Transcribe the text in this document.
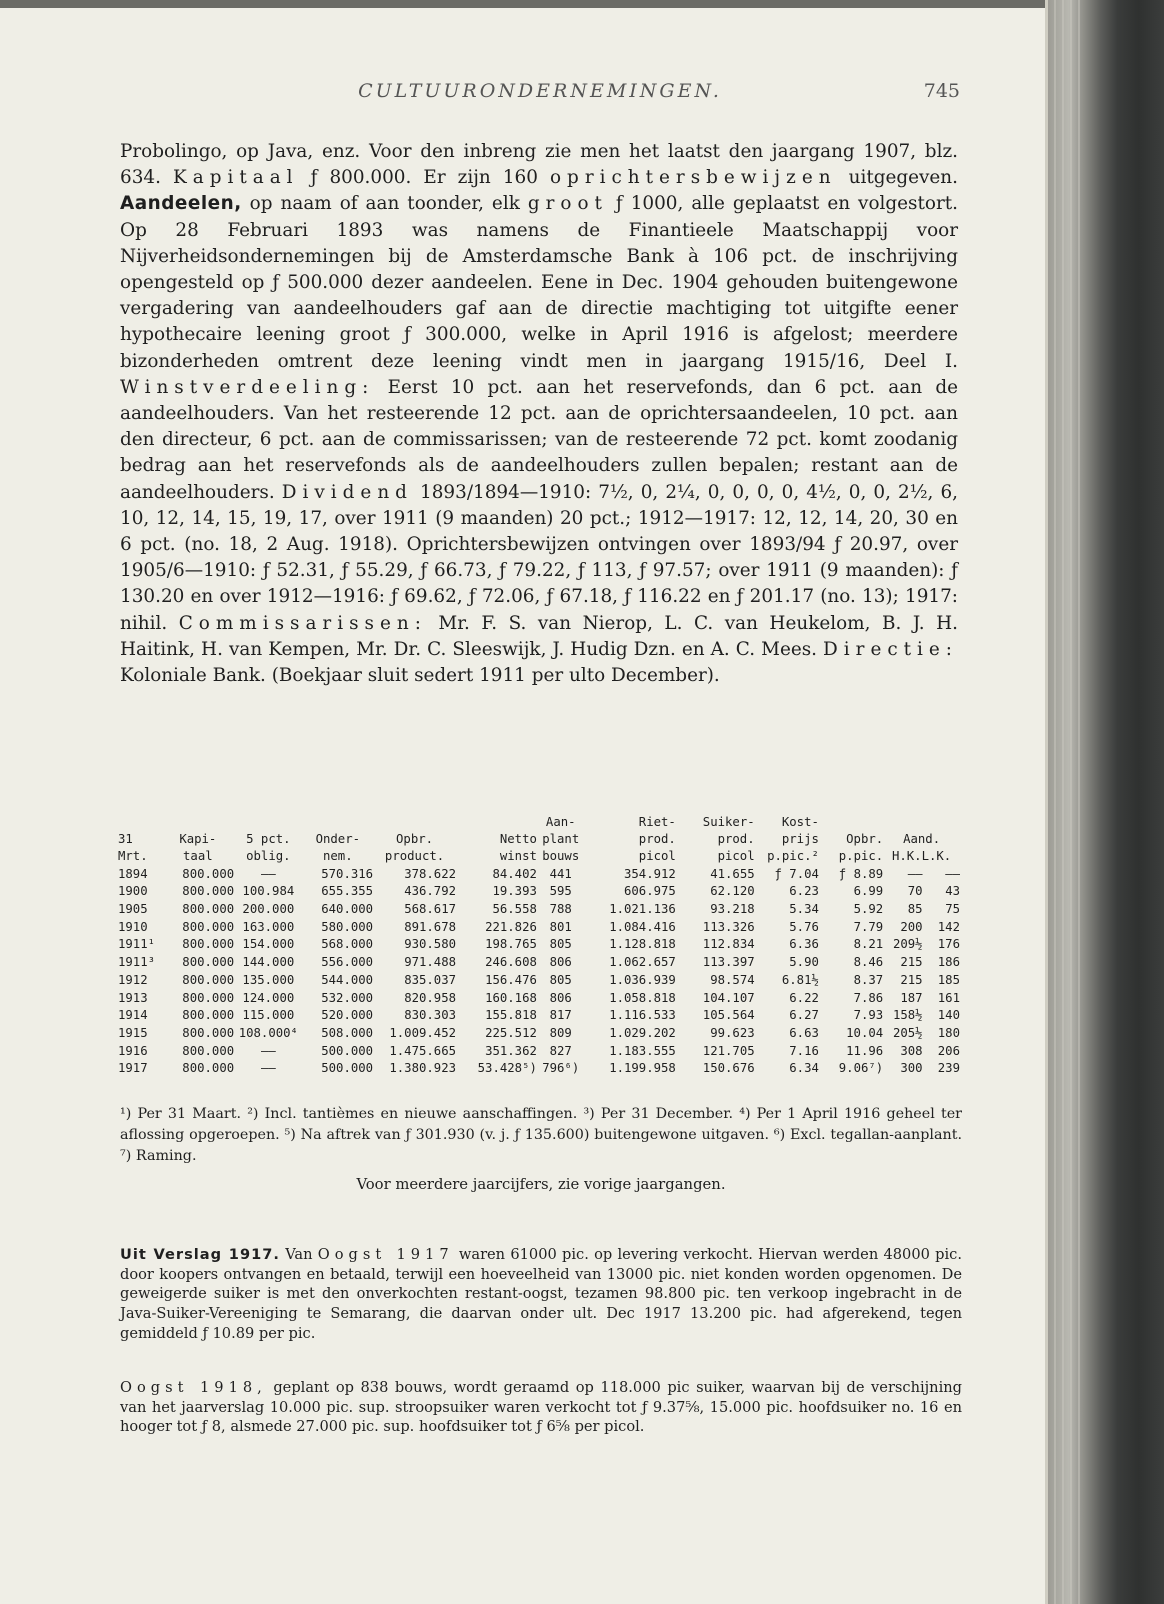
CULTUURONDERNEMINGEN.	745
Probolingo, op Java, enz. Voor den inbreng zie men het laatst den jaargang 1907, blz. 634. Kapitaal ƒ 800.000. Er zijn 160 oprichtersbewijzen uitgegeven. Aandeelen, op naam of aan toonder, elk groot ƒ 1000, alle geplaatst en volgestort. Op 28 Februari 1893 was namens de Finantieele Maatschappij voor Nijverheidsondernemingen bij de Amsterdamsche Bank à 106 pct. de inschrijving opengesteld op ƒ 500.000 dezer aandeelen. Eene in Dec. 1904 gehouden buitengewone vergadering van aandeelhouders gaf aan de directie machtiging tot uitgifte eener hypothecaire leening groot ƒ 300.000, welke in April 1916 is afgelost; meerdere bizonderheden omtrent deze leening vindt men in jaargang 1915/16, Deel I. Winstverdeeling: Eerst 10 pct. aan het reservefonds, dan 6 pct. aan de aandeelhouders. Van het resteerende 12 pct. aan de oprichtersaandeelen, 10 pct. aan den directeur, 6 pct. aan de commissarissen; van de resteerende 72 pct. komt zoodanig bedrag aan het reservefonds als de aandeelhouders zullen bepalen; restant aan de aandeelhouders. Dividend 1893/1894—1910: 7½, 0, 2¼, 0, 0, 0, 0, 4½, 0, 0, 2½, 6, 10, 12, 14, 15, 19, 17, over 1911 (9 maanden) 20 pct.; 1912—1917: 12, 12, 14, 20, 30 en 6 pct. (no. 18, 2 Aug. 1918). Oprichtersbewijzen ontvingen over 1893/94 ƒ 20.97, over 1905/6—1910: ƒ 52.31, ƒ 55.29, ƒ 66.73, ƒ 79.22, ƒ 113, ƒ 97.57; over 1911 (9 maanden): ƒ 130.20 en over 1912—1916: ƒ 69.62, ƒ 72.06, ƒ 67.18, ƒ 116.22 en ƒ 201.17 (no. 13); 1917: nihil. Commissarissen: Mr. F. S. van Nierop, L. C. van Heukelom, B. J. H. Haitink, H. van Kempen, Mr. Dr. C. Sleeswijk, J. Hudig Dzn. en A. C. Mees. Directie: Koloniale Bank. (Boekjaar sluit sedert 1911 per ulto December).
						Aan-	Riet-	Suiker-	Kost-			
31	Kapi-	5 pct.	Onder-	Opbr.	Netto	plant	prod.	prod.	prijs	Opbr.	Aand.	
Mrt.	taal	oblig.	nem.	product.	winst	bouws	picol	picol	p.pic.²	p.pic.	H.K.L.K.	
1894	800.000	——	570.316	378.622	84.402	441	354.912	41.655	ƒ 7.04	ƒ 8.89	——	——
1900	800.000	100.984	655.355	436.792	19.393	595	606.975	62.120	6.23	6.99	70	43
1905	800.000	200.000	640.000	568.617	56.558	788	1.021.136	93.218	5.34	5.92	85	75
1910	800.000	163.000	580.000	891.678	221.826	801	1.084.416	113.326	5.76	7.79	200	142
1911¹	800.000	154.000	568.000	930.580	198.765	805	1.128.818	112.834	6.36	8.21	209½	176
1911³	800.000	144.000	556.000	971.488	246.608	806	1.062.657	113.397	5.90	8.46	215	186
1912	800.000	135.000	544.000	835.037	156.476	805	1.036.939	98.574	6.81½	8.37	215	185
1913	800.000	124.000	532.000	820.958	160.168	806	1.058.818	104.107	6.22	7.86	187	161
1914	800.000	115.000	520.000	830.303	155.818	817	1.116.533	105.564	6.27	7.93	158½	140
1915	800.000	108.000⁴	508.000	1.009.452	225.512	809	1.029.202	99.623	6.63	10.04	205½	180
1916	800.000	——	500.000	1.475.665	351.362	827	1.183.555	121.705	7.16	11.96	308	206
1917	800.000	——	500.000	1.380.923	53.428⁵)	796⁶)	1.199.958	150.676	6.34	9.06⁷)	300	239
¹) Per 31 Maart. ²) Incl. tantièmes en nieuwe aanschaffingen. ³) Per 31 December. ⁴) Per 1 April 1916 geheel ter aflossing opgeroepen. ⁵) Na aftrek van ƒ 301.930 (v. j. ƒ 135.600) buitengewone uitgaven. ⁶) Excl. tegallan-aanplant. ⁷) Raming.
Voor meerdere jaarcijfers, zie vorige jaargangen.
Uit Verslag 1917. Van Oogst 1917 waren 61000 pic. op levering verkocht. Hiervan werden 48000 pic. door koopers ontvangen en betaald, terwijl een hoeveelheid van 13000 pic. niet konden worden opgenomen. De geweigerde suiker is met den onverkochten restant-oogst, tezamen 98.800 pic. ten verkoop ingebracht in de Java-Suiker-Vereeniging te Semarang, die daarvan onder ult. Dec 1917 13.200 pic. had afgerekend, tegen gemiddeld ƒ 10.89 per pic.
Oogst 1918, geplant op 838 bouws, wordt geraamd op 118.000 pic suiker, waarvan bij de verschijning van het jaarverslag 10.000 pic. sup. stroopsuiker waren verkocht tot ƒ 9.37⅝, 15.000 pic. hoofdsuiker no. 16 en hooger tot ƒ 8, alsmede 27.000 pic. sup. hoofdsuiker tot ƒ 6⅝ per picol.
